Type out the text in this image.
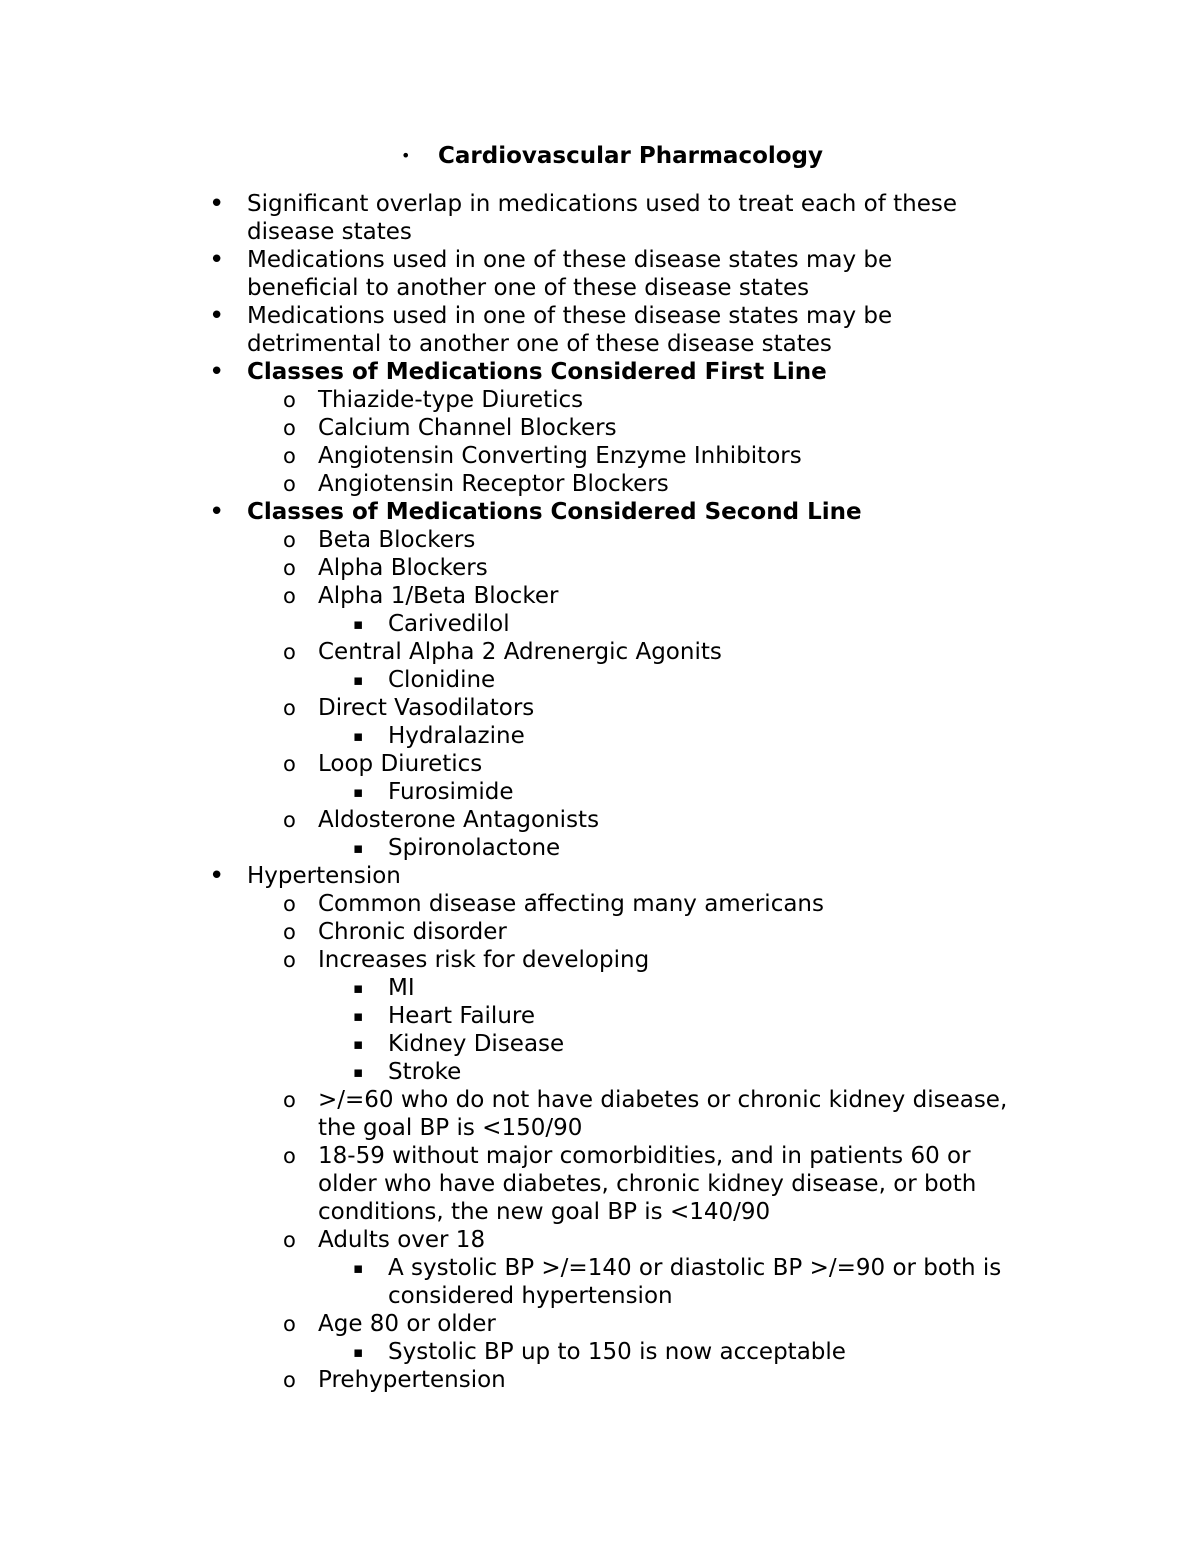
• Cardiovascular Pharmacology
• Significant overlap in medications used to treat each of these
disease states
• Medications used in one of these disease states may be
beneficial to another one of these disease states
• Medications used in one of these disease states may be
detrimental to another one of these disease states
• Classes of Medications Considered First Line
o Thiazide-type Diuretics
o Calcium Channel Blockers
o Angiotensin Converting Enzyme Inhibitors
o Angiotensin Receptor Blockers
• Classes of Medications Considered Second Line
o Beta Blockers
o Alpha Blockers
o Alpha 1/Beta Blocker
▪ Carivedilol
o Central Alpha 2 Adrenergic Agonits
▪ Clonidine
o Direct Vasodilators
▪ Hydralazine
o Loop Diuretics
▪ Furosimide
o Aldosterone Antagonists
▪ Spironolactone
• Hypertension
o Common disease affecting many americans
o Chronic disorder
o Increases risk for developing
▪ MI
▪ Heart Failure
▪ Kidney Disease
▪ Stroke
o >/=60 who do not have diabetes or chronic kidney disease,
the goal BP is <150/90
o 18-59 without major comorbidities, and in patients 60 or
older who have diabetes, chronic kidney disease, or both
conditions, the new goal BP is <140/90
o Adults over 18
▪ A systolic BP >/=140 or diastolic BP >/=90 or both is
considered hypertension
o Age 80 or older
▪ Systolic BP up to 150 is now acceptable
o Prehypertension
